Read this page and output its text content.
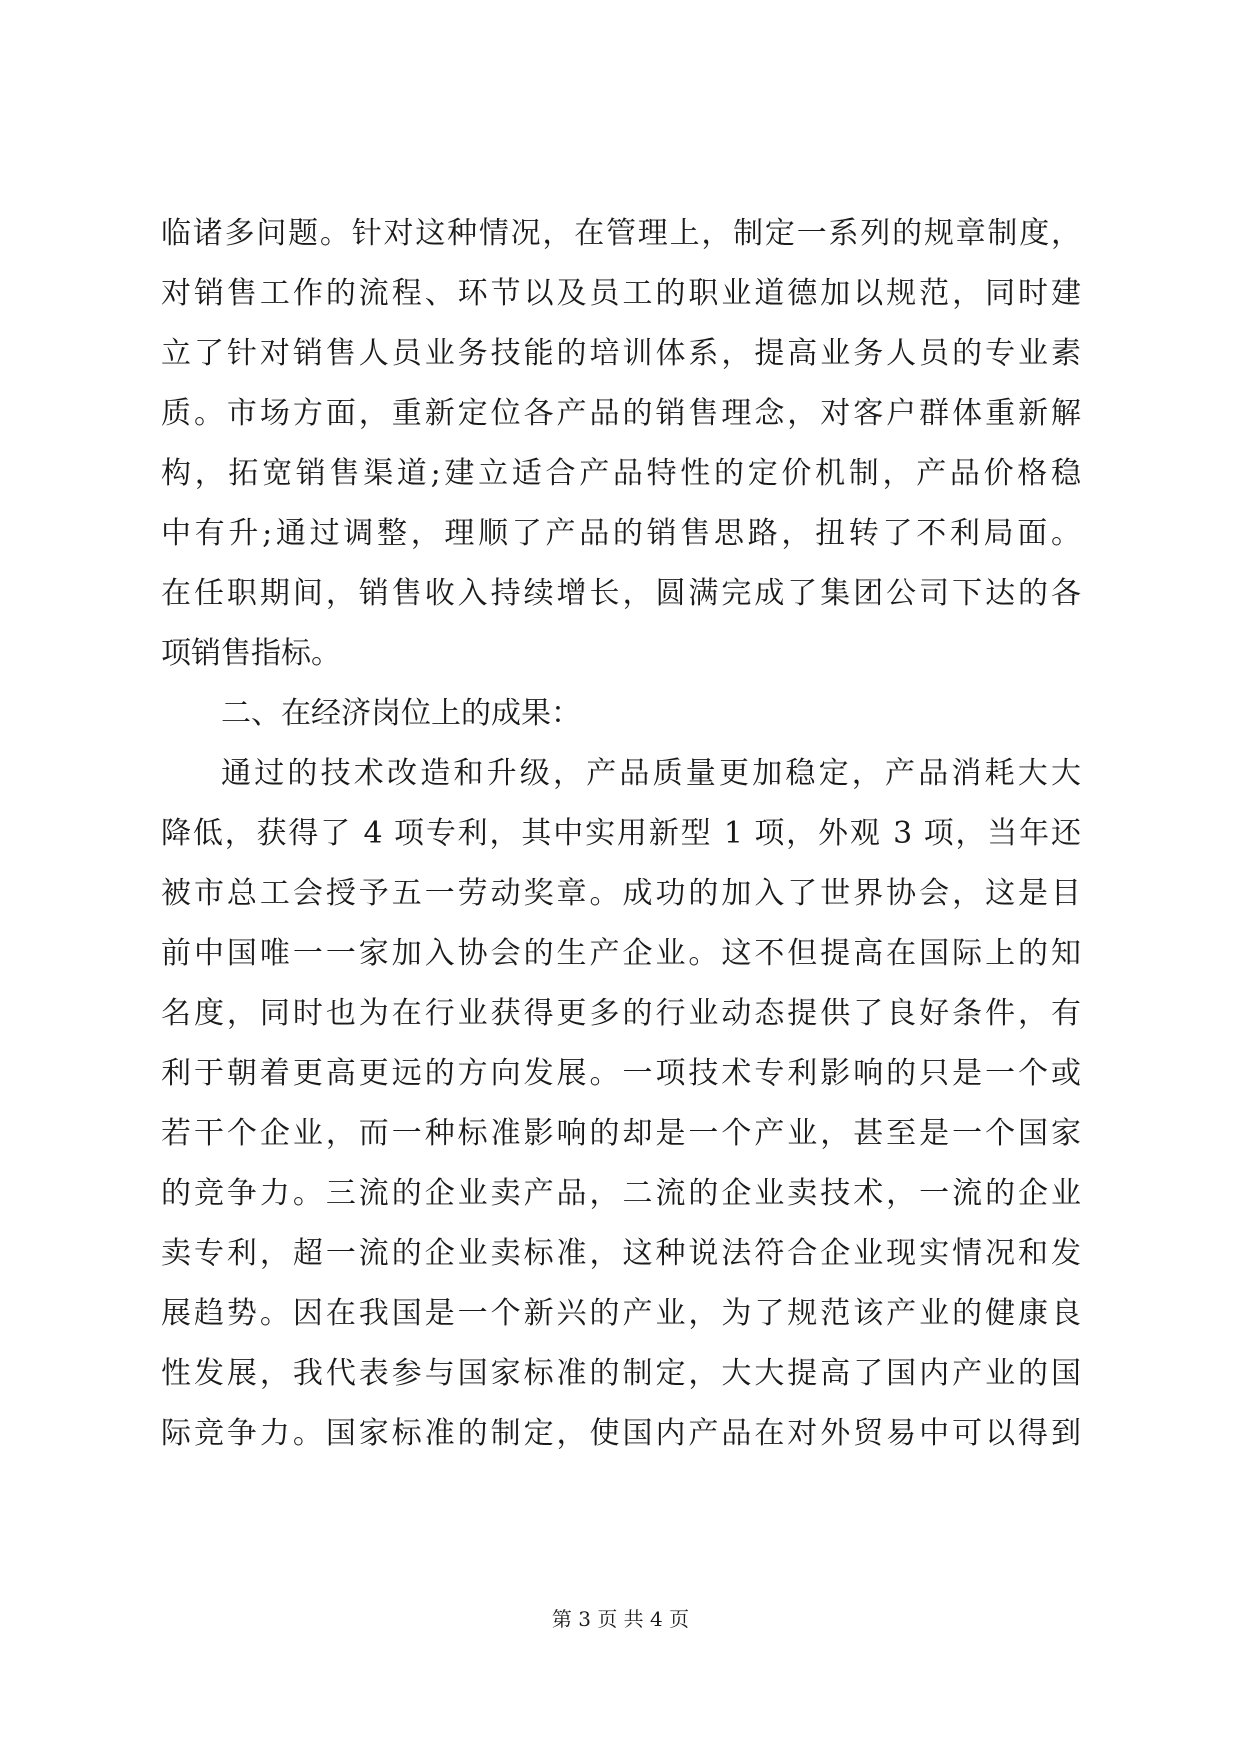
临诸多问题。针对这种情况，在管理上，制定一系列的规章制度，
对销售工作的流程、环节以及员工的职业道德加以规范，同时建
立了针对销售人员业务技能的培训体系，提高业务人员的专业素
质。市场方面，重新定位各产品的销售理念，对客户群体重新解
构，拓宽销售渠道;建立适合产品特性的定价机制，产品价格稳
中有升;通过调整，理顺了产品的销售思路，扭转了不利局面。
在任职期间，销售收入持续增长，圆满完成了集团公司下达的各
项销售指标。
二、在经济岗位上的成果：
通过的技术改造和升级，产品质量更加稳定，产品消耗大大
降低，获得了 4 项专利，其中实用新型 1 项，外观 3 项，当年还
被市总工会授予五一劳动奖章。成功的加入了世界协会，这是目
前中国唯一一家加入协会的生产企业。这不但提高在国际上的知
名度，同时也为在行业获得更多的行业动态提供了良好条件，有
利于朝着更高更远的方向发展。一项技术专利影响的只是一个或
若干个企业，而一种标准影响的却是一个产业，甚至是一个国家
的竞争力。三流的企业卖产品，二流的企业卖技术，一流的企业
卖专利，超一流的企业卖标准，这种说法符合企业现实情况和发
展趋势。因在我国是一个新兴的产业，为了规范该产业的健康良
性发展，我代表参与国家标准的制定，大大提高了国内产业的国
际竞争力。国家标准的制定，使国内产品在对外贸易中可以得到
第 3 页 共 4 页
